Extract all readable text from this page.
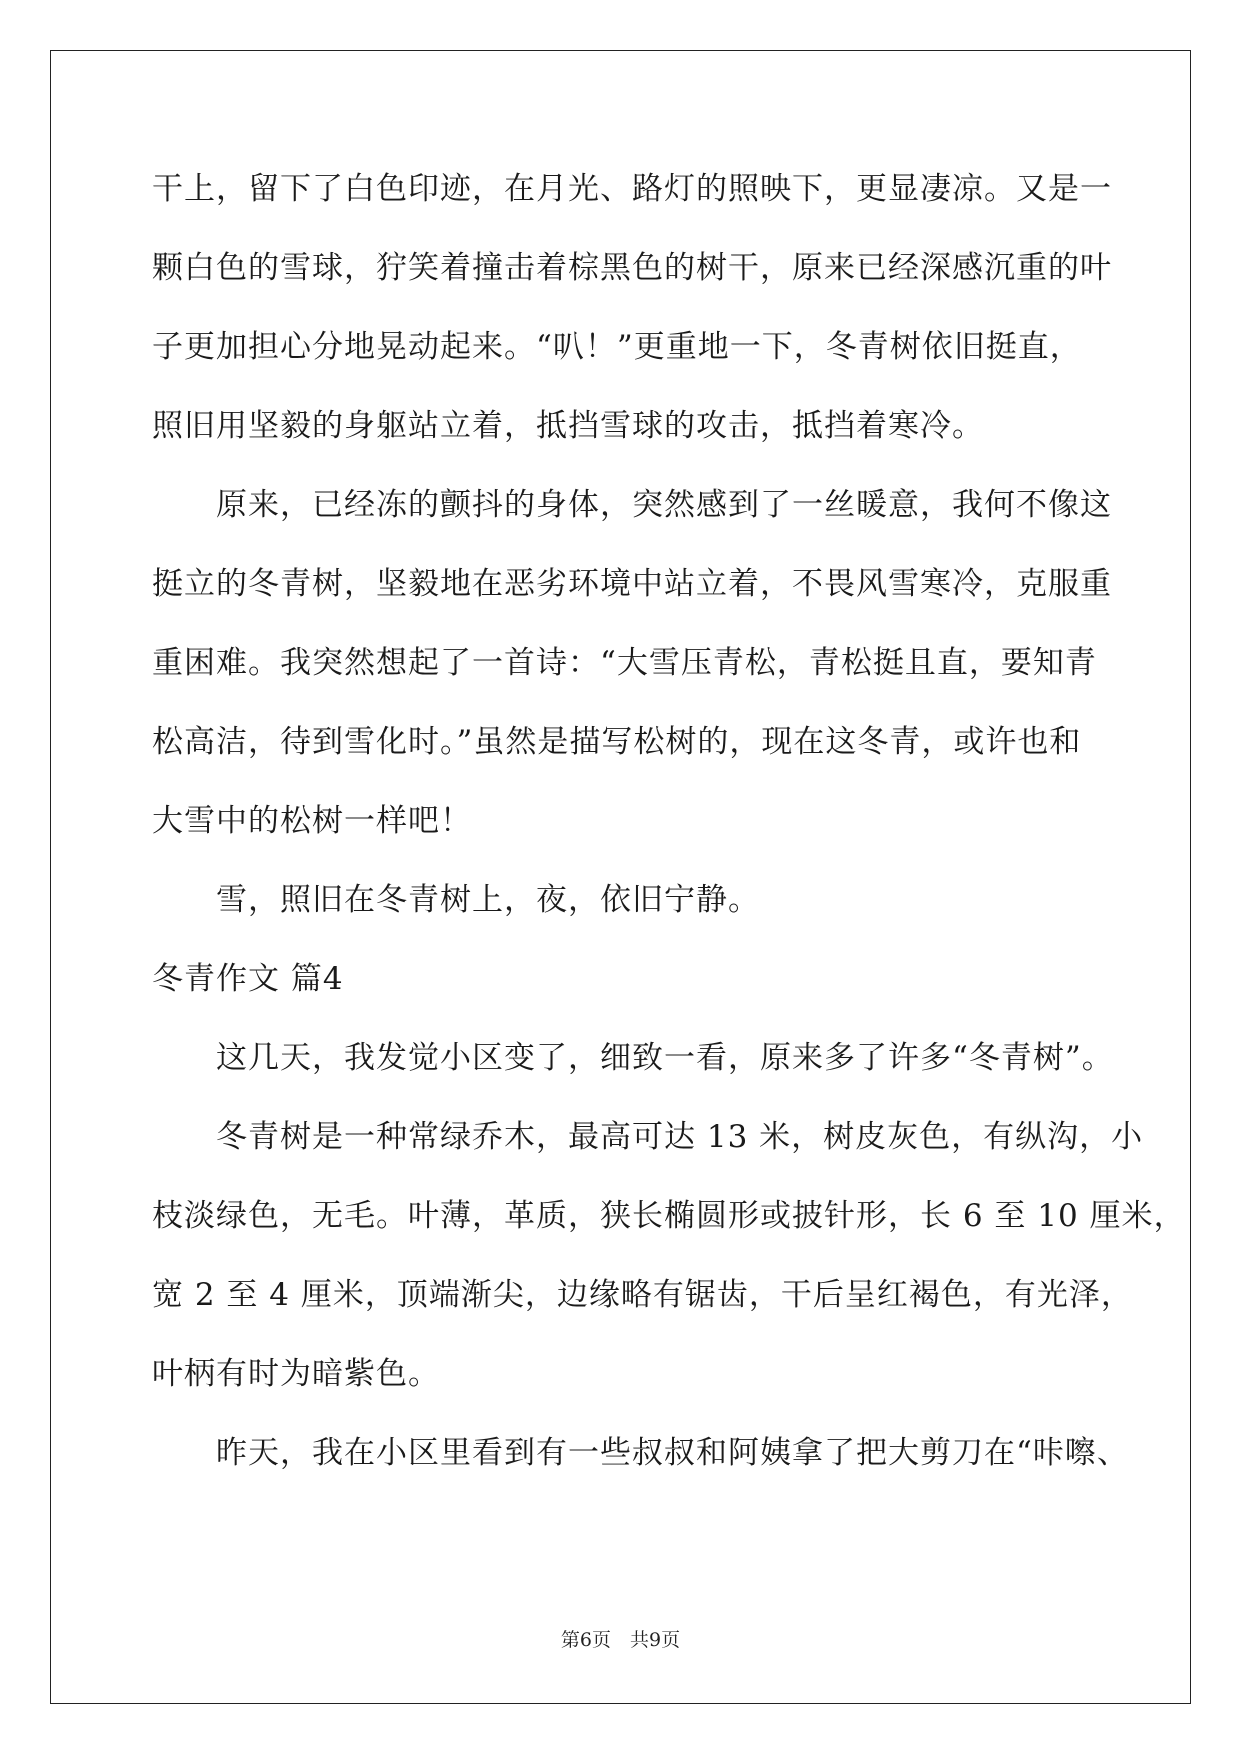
干上，留下了白色印迹，在月光、路灯的照映下，更显凄凉。又是一
颗白色的雪球，狞笑着撞击着棕黑色的树干，原来已经深感沉重的叶
子更加担心分地晃动起来。“叭！”更重地一下，冬青树依旧挺直，
照旧用坚毅的身躯站立着，抵挡雪球的攻击，抵挡着寒冷。
原来，已经冻的颤抖的身体，突然感到了一丝暖意，我何不像这
挺立的冬青树，坚毅地在恶劣环境中站立着，不畏风雪寒冷，克服重
重困难。我突然想起了一首诗：“大雪压青松，青松挺且直，要知青
松高洁，待到雪化时。”虽然是描写松树的，现在这冬青，或许也和
大雪中的松树一样吧！
雪，照旧在冬青树上，夜，依旧宁静。
冬青作文 篇4
这几天，我发觉小区变了，细致一看，原来多了许多“冬青树”。
冬青树是一种常绿乔木，最高可达 13 米，树皮灰色，有纵沟，小
枝淡绿色，无毛。叶薄，革质，狭长椭圆形或披针形，长 6 至 10 厘米，
宽 2 至 4 厘米，顶端渐尖，边缘略有锯齿，干后呈红褐色，有光泽，
叶柄有时为暗紫色。
昨天，我在小区里看到有一些叔叔和阿姨拿了把大剪刀在“咔嚓、
第6页　共9页
